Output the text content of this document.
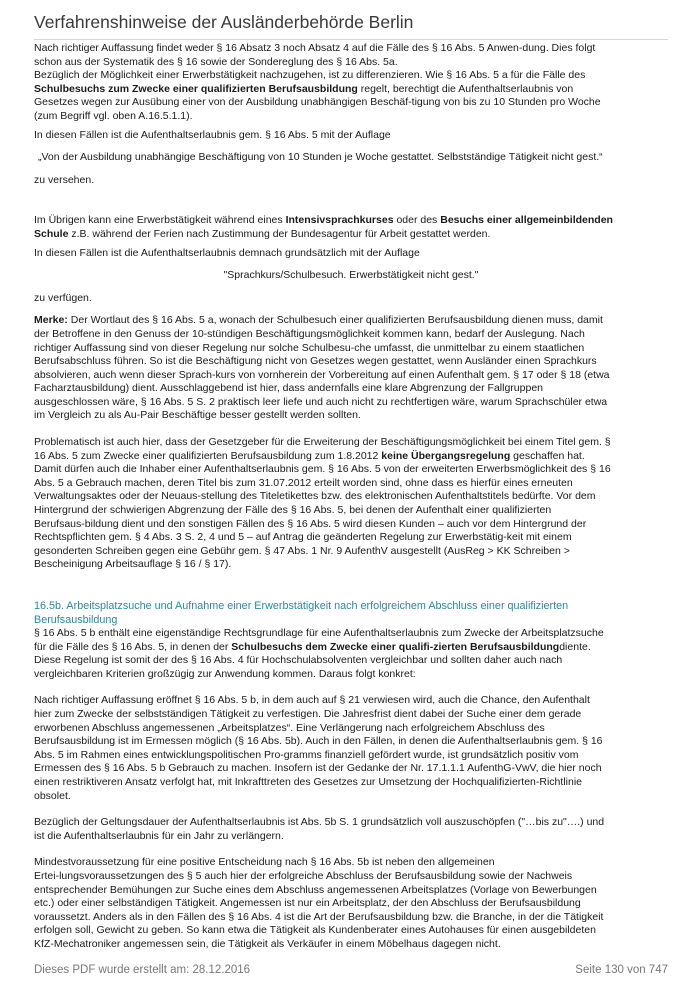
Verfahrenshinweise der Ausländerbehörde Berlin

Nach richtiger Auffassung findet weder § 16 Absatz 3 noch Absatz 4 auf die Fälle des § 16 Abs. 5 Anwen-dung. Dies folgt

schon aus der Systematik des § 16 sowie der Sondereglung des § 16 Abs. 5a.

Bezüglich der Möglichkeit einer Erwerbstätigkeit nachzugehen, ist zu differenzieren. Wie § 16 Abs. 5 a für die Fälle des

Schulbesuchs zum Zwecke einer qualifizierten Berufsausbildung regelt, berechtigt die Aufenthaltserlaubnis von

Gesetzes wegen zur Ausübung einer von der Ausbildung unabhängigen Beschäf-tigung von bis zu 10 Stunden pro Woche

(zum Begriff vgl. oben A.16.5.1.1).

In diesen Fällen ist die Aufenthaltserlaubnis gem. § 16 Abs. 5 mit der Auflage

„Von der Ausbildung unabhängige Beschäftigung von 10 Stunden je Woche gestattet. Selbstständige Tätigkeit nicht gest.“

zu versehen.

Im Übrigen kann eine Erwerbstätigkeit während eines Intensivsprachkurses oder des Besuchs einer allgemeinbildenden

Schule z.B. während der Ferien nach Zustimmung der Bundesagentur für Arbeit gestattet werden.

In diesen Fällen ist die Aufenthaltserlaubnis demnach grundsätzlich mit der Auflage

"Sprachkurs/Schulbesuch. Erwerbstätigkeit nicht gest."

zu verfügen.

Merke: Der Wortlaut des § 16 Abs. 5 a, wonach der Schulbesuch einer qualifizierten Berufsausbildung dienen muss, damit

der Betroffene in den Genuss der 10-stündigen Beschäftigungsmöglichkeit kommen kann, bedarf der Auslegung. Nach

richtiger Auffassung sind von dieser Regelung nur solche Schulbesu-che umfasst, die unmittelbar zu einem staatlichen

Berufsabschluss führen. So ist die Beschäftigung nicht von Gesetzes wegen gestattet, wenn Ausländer einen Sprachkurs

absolvieren, auch wenn dieser Sprach-kurs von vornherein der Vorbereitung auf einen Aufenthalt gem. § 17 oder § 18 (etwa

Facharztausbildung) dient. Ausschlaggebend ist hier, dass andernfalls eine klare Abgrenzung der Fallgruppen

ausgeschlossen wäre, § 16 Abs. 5 S. 2 praktisch leer liefe und auch nicht zu rechtfertigen wäre, warum Sprachschüler etwa

im Vergleich zu als Au-Pair Beschäftige besser gestellt werden sollten.

Problematisch ist auch hier, dass der Gesetzgeber für die Erweiterung der Beschäftigungsmöglichkeit bei einem Titel gem. §

16 Abs. 5 zum Zwecke einer qualifizierten Berufsausbildung zum 1.8.2012 keine Übergangsregelung geschaffen hat.

Damit dürfen auch die Inhaber einer Aufenthaltserlaubnis gem. § 16 Abs. 5 von der erweiterten Erwerbsmöglichkeit des § 16

Abs. 5 a Gebrauch machen, deren Titel bis zum 31.07.2012 erteilt worden sind, ohne dass es hierfür eines erneuten

Verwaltungsaktes oder der Neuaus-stellung des Titeletikettes bzw. des elektronischen Aufenthaltstitels bedürfte. Vor dem

Hintergrund der schwierigen Abgrenzung der Fälle des § 16 Abs. 5, bei denen der Aufenthalt einer qualifizierten

Berufsaus-bildung dient und den sonstigen Fällen des § 16 Abs. 5 wird diesen Kunden – auch vor dem Hintergrund der

Rechtspflichten gem. § 4 Abs. 3 S. 2, 4 und 5 – auf Antrag die geänderten Regelung zur Erwerbstätig-keit mit einem

gesonderten Schreiben gegen eine Gebühr gem. § 47 Abs. 1 Nr. 9 AufenthV ausgestellt (AusReg > KK Schreiben >

Bescheinigung Arbeitsauflage § 16 / § 17).

16.5b. Arbeitsplatzsuche und Aufnahme einer Erwerbstätigkeit nach erfolgreichem Abschluss einer qualifizierten

Berufsausbildung

§ 16 Abs. 5 b enthält eine eigenständige Rechtsgrundlage für eine Aufenthaltserlaubnis zum Zwecke der Arbeitsplatzsuche

für die Fälle des § 16 Abs. 5, in denen der Schulbesuchs dem Zwecke einer qualifi-zierten Berufsausbildungdiente.

Diese Regelung ist somit der des § 16 Abs. 4 für Hochschulabsolventen vergleichbar und sollten daher auch nach

vergleichbaren Kriterien großzügig zur Anwendung kommen. Daraus folgt konkret:

Nach richtiger Auffassung eröffnet § 16 Abs. 5 b, in dem auch auf § 21 verwiesen wird, auch die Chance, den Aufenthalt

hier zum Zwecke der selbstständigen Tätigkeit zu verfestigen. Die Jahresfrist dient dabei der Suche einer dem gerade

erworbenen Abschluss angemessenen „Arbeitsplatzes“. Eine Verlängerung nach erfolgreichem Abschluss des

Berufsausbildung ist im Ermessen möglich (§ 16 Abs. 5b). Auch in den Fällen, in denen die Aufenthaltserlaubnis gem. § 16

Abs. 5 im Rahmen eines entwicklungspolitischen Pro-gramms finanziell gefördert wurde, ist grundsätzlich positiv vom

Ermessen des § 16 Abs. 5 b Gebrauch zu machen. Insofern ist der Gedanke der Nr. 17.1.1.1 AufenthG-VwV, die hier noch

einen restriktiveren Ansatz verfolgt hat, mit Inkrafttreten des Gesetzes zur Umsetzung der Hochqualifizierten-Richtlinie

obsolet.

Bezüglich der Geltungsdauer der Aufenthaltserlaubnis ist Abs. 5b S. 1 grundsätzlich voll auszuschöpfen ("…bis zu"….) und

ist die Aufenthaltserlaubnis für ein Jahr zu verlängern.

Mindestvoraussetzung für eine positive Entscheidung nach § 16 Abs. 5b ist neben den allgemeinen

Ertei-lungsvoraussetzungen des § 5 auch hier der erfolgreiche Abschluss der Berufsausbildung sowie der Nachweis

entsprechender Bemühungen zur Suche eines dem Abschluss angemessenen Arbeitsplatzes (Vorlage von Bewerbungen

etc.) oder einer selbständigen Tätigkeit. Angemessen ist nur ein Arbeitsplatz, der den Abschluss der Berufsausbildung

voraussetzt. Anders als in den Fällen des § 16 Abs. 4 ist die Art der Berufsausbildung bzw. die Branche, in der die Tätigkeit

erfolgen soll, Gewicht zu geben. So kann etwa die Tätigkeit als Kundenberater eines Autohauses für einen ausgebildeten

KfZ-Mechatroniker angemessen sein, die Tätigkeit als Verkäufer in einem Möbelhaus dagegen nicht.

Dieses PDF wurde erstellt am: 28.12.2016	Seite 130 von 747
